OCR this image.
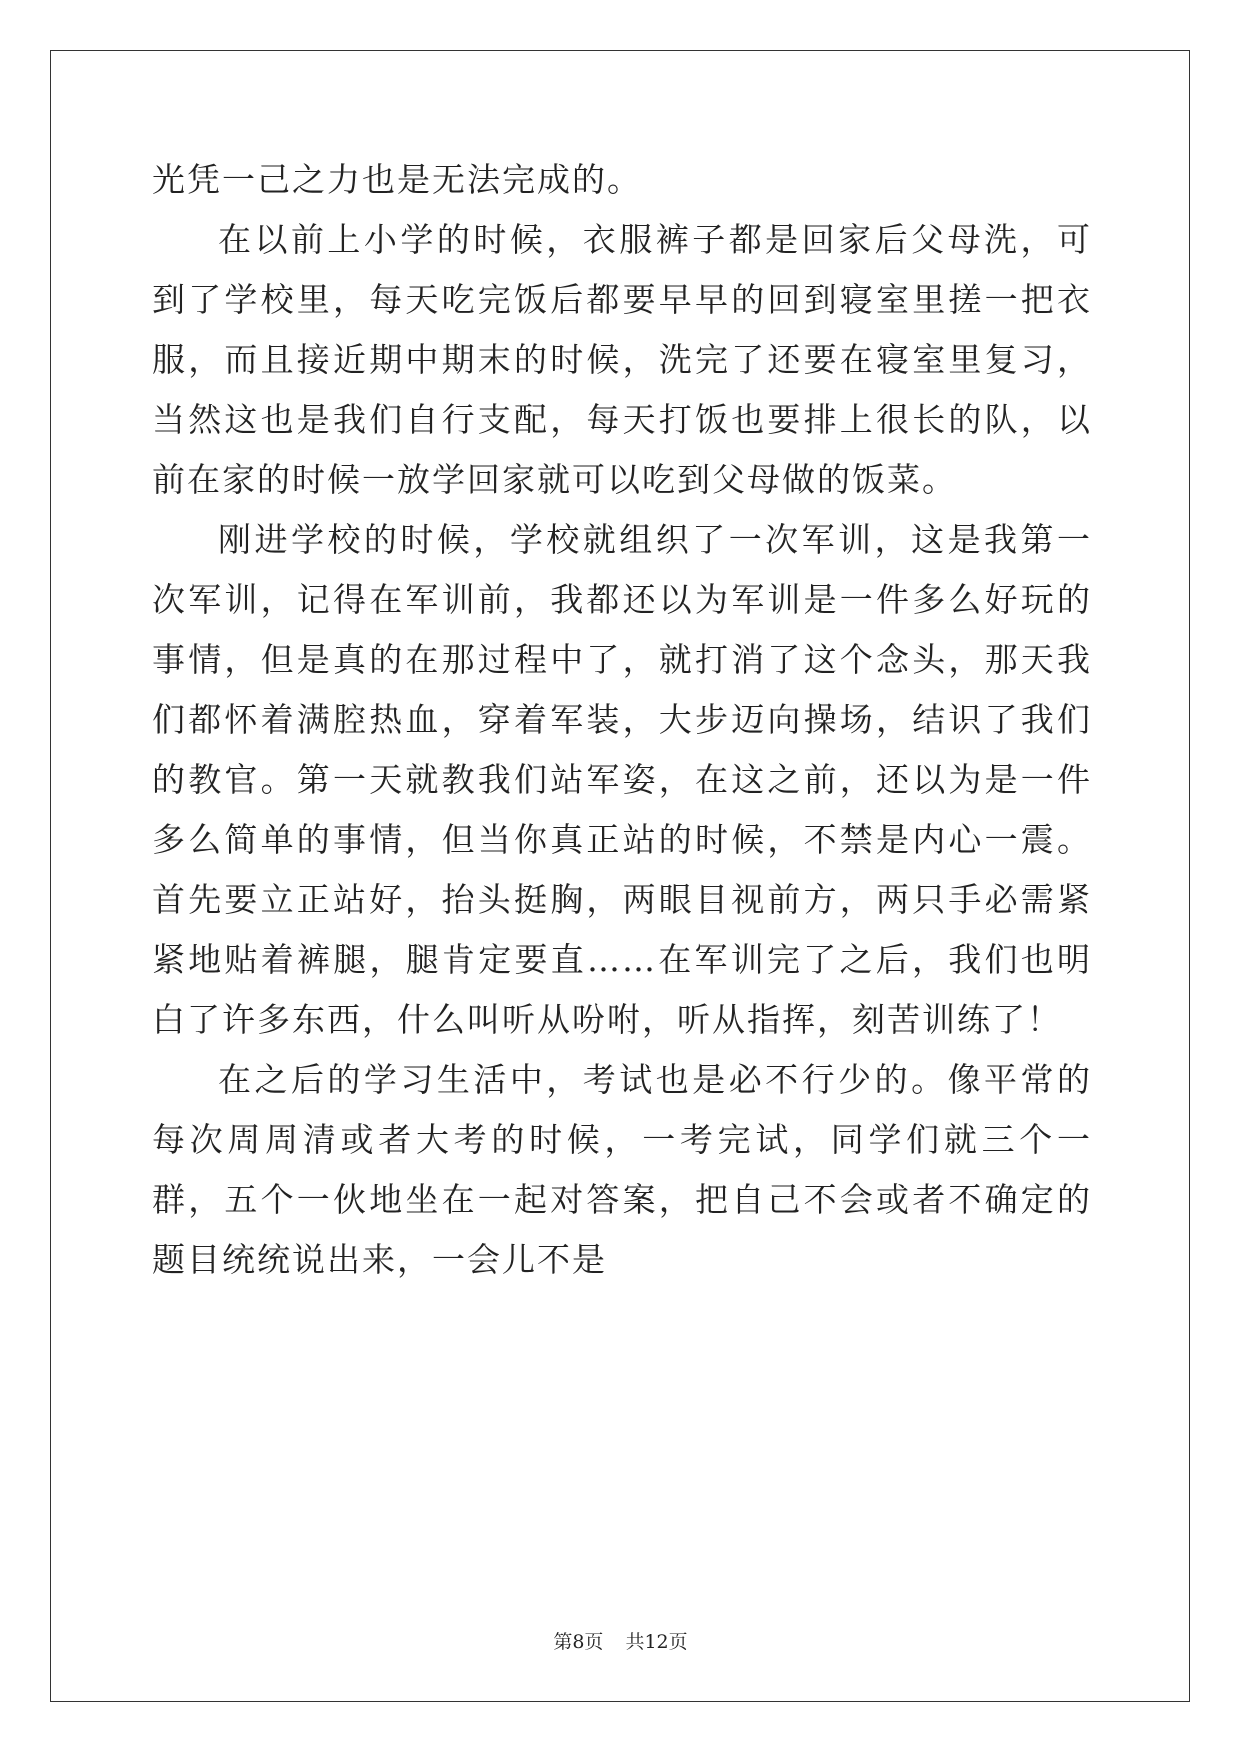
光凭一己之力也是无法完成的。

在以前上小学的时候，衣服裤子都是回家后父母洗，可到了学校里，每天吃完饭后都要早早的回到寝室里搓一把衣服，而且接近期中期末的时候，洗完了还要在寝室里复习，当然这也是我们自行支配，每天打饭也要排上很长的队，以前在家的时候一放学回家就可以吃到父母做的饭菜。

刚进学校的时候，学校就组织了一次军训，这是我第一次军训，记得在军训前，我都还以为军训是一件多么好玩的事情，但是真的在那过程中了，就打消了这个念头，那天我们都怀着满腔热血，穿着军装，大步迈向操场，结识了我们的教官。第一天就教我们站军姿，在这之前，还以为是一件多么简单的事情，但当你真正站的时候，不禁是内心一震。首先要立正站好，抬头挺胸，两眼目视前方，两只手必需紧紧地贴着裤腿，腿肯定要直……在军训完了之后，我们也明白了许多东西，什么叫听从吩咐，听从指挥，刻苦训练了！

在之后的学习生活中，考试也是必不行少的。像平常的每次周周清或者大考的时候，一考完试，同学们就三个一群，五个一伙地坐在一起对答案，把自己不会或者不确定的题目统统说出来，一会儿不是

第8页 共12页
